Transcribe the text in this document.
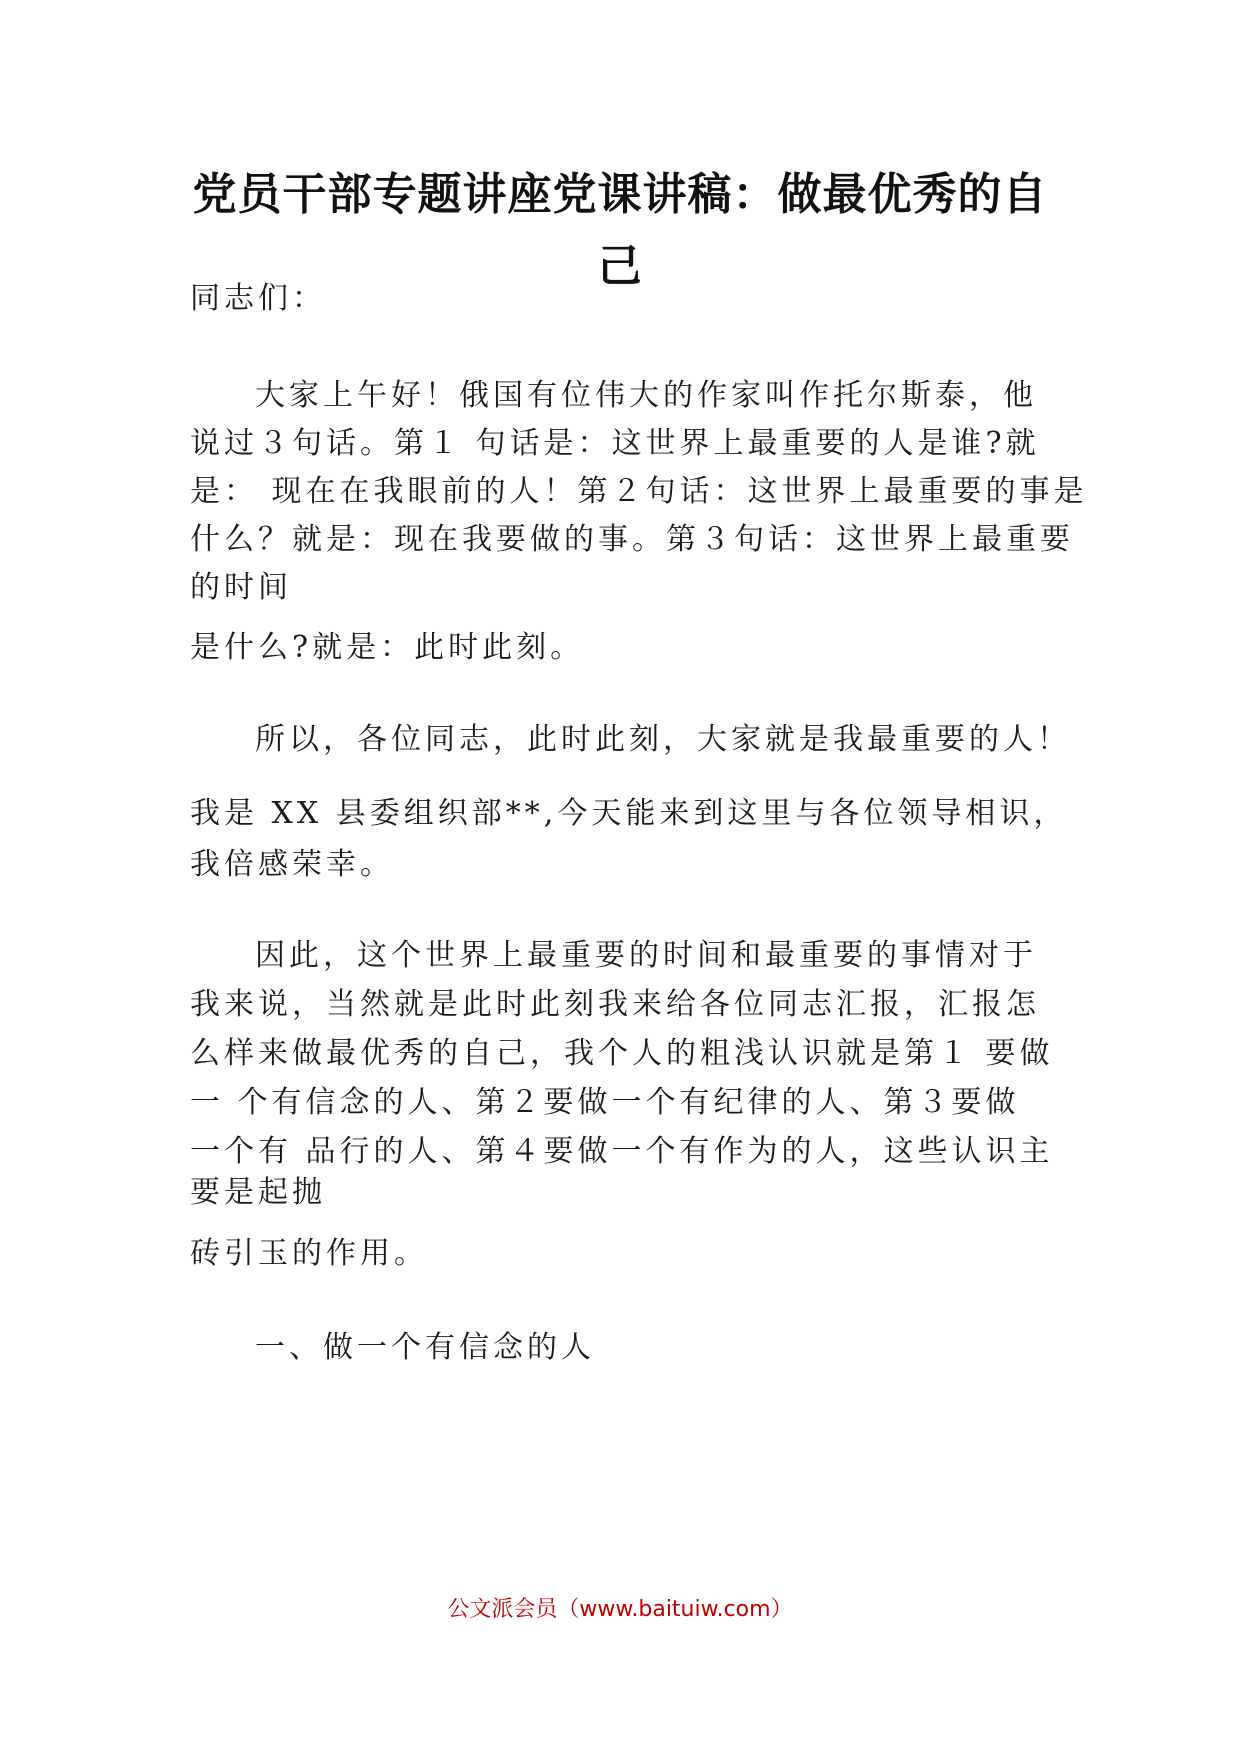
党员干部专题讲座党课讲稿：做最优秀的自
己
同志们：
大家上午好！俄国有位伟大的作家叫作托尔斯泰，他
说过３句话。第１ 句话是：这世界上最重要的人是谁?就
是： 现在在我眼前的人！第２句话：这世界上最重要的事是
什么？就是：现在我要做的事。第３句话：这世界上最重要
的时间
是什么?就是：此时此刻。
所以，各位同志，此时此刻，大家就是我最重要的人！
我是 XX 县委组织部**,今天能来到这里与各位领导相识，
我倍感荣幸。
因此，这个世界上最重要的时间和最重要的事情对于
我来说，当然就是此时此刻我来给各位同志汇报，汇报怎
么样来做最优秀的自己，我个人的粗浅认识就是第１ 要做
一 个有信念的人、第２要做一个有纪律的人、第３要做
一个有 品行的人、第４要做一个有作为的人，这些认识主
要是起抛
砖引玉的作用。
一、做一个有信念的人
公文派会员（www.baituiw.com）
